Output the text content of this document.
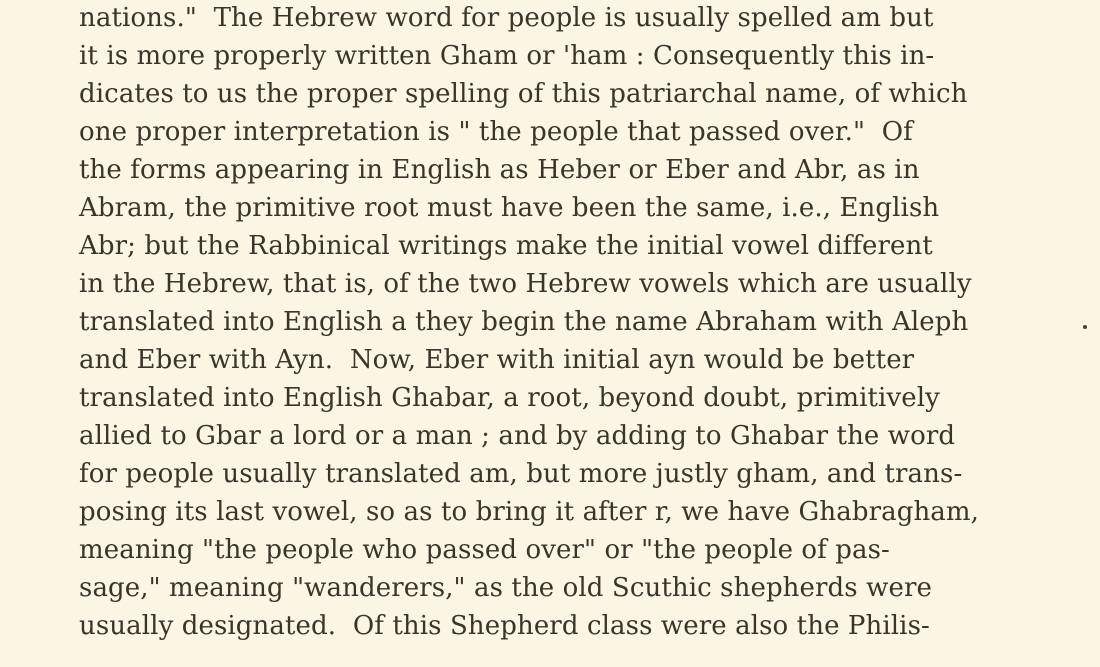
nations."  The Hebrew word for people is usually spelled am but
it is more properly written Gham or 'ham : Consequently this in-
dicates to us the proper spelling of this patriarchal name, of which
one proper interpretation is " the people that passed over."  Of
the forms appearing in English as Heber or Eber and Abr, as in
Abram, the primitive root must have been the same, i.e., English
Abr; but the Rabbinical writings make the initial vowel different
in the Hebrew, that is, of the two Hebrew vowels which are usually
translated into English a they begin the name Abraham with Aleph
and Eber with Ayn.  Now, Eber with initial ayn would be better
translated into English Ghabar, a root, beyond doubt, primitively
allied to Gbar a lord or a man ; and by adding to Ghabar the word
for people usually translated am, but more justly gham, and trans-
posing its last vowel, so as to bring it after r, we have Ghabragham,
meaning "the people who passed over" or "the people of pas-
sage," meaning "wanderers," as the old Scuthic shepherds were
usually designated.  Of this Shepherd class were also the Philis-
